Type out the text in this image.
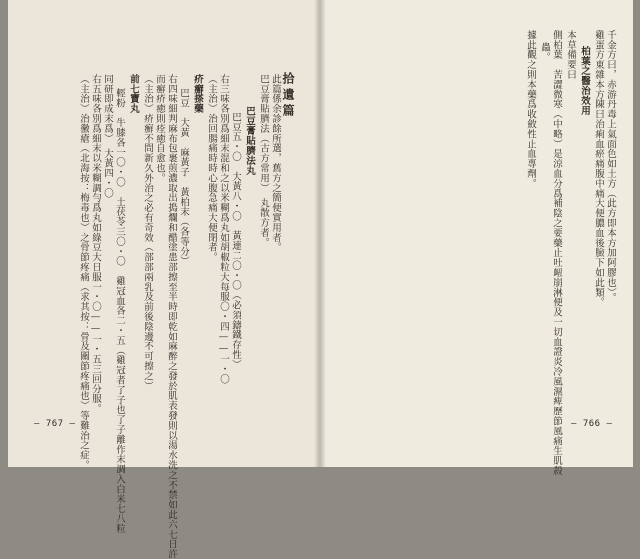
拾遺篇
此篇係余診餘所選，舊方之簡便實用者。
巴豆膏貼臍法（古方常用）　丸散方者。
巴豆膏貼臍法丸
巴豆五・〇　大黃八・〇　黃連二〇・〇（必須鑄鐵存性）
右三味各別爲細末混和之以米糊爲丸如胡椒粒大每服〇・四——一・〇
（主治）治回腸痛時時心腹急痛大便閉者。
疥癬搽藥
巴豆　大黃　麻黃子　黃柏末（各等分）
右四味細判麻布包裹煎濃取出搗爛和醋塗患部擦至半時即乾如麻醉之發於肌表發則以湯水洗之不禁如此六七日許
而癬疥癒則痊癒自愈也。
（主治）疥癬不問新久外治之必有奇效（部部兩乳及前後陰邊不可擦之）
前七寶丸
輕粉　牛膝各一〇・〇　土茯苓三〇・〇　雞冠血各二・五（雞冠者了子也了子離作末調入白米七八粒
同研即成末爲）　大黃四・〇
右五味各別爲細末以米糊調勻爲丸如綠豆大日服一・〇——一・五三回分服。
（主治）治黴瘡（北海按：梅毒也）之骨節疼痛（求其按：骨及關節疼痛也）等難治之症。
— 767 —
千金方曰，赤游丹毒上氣面色如土方（此方即本方加阿膠也）。
雞蛋方東雜本方陳曰治痢血瘀痛腹中痛大便膿血後臉下如此類。
柏葉之醫治效用
本草備要曰
側柏葉　苦澀微寒（中略）是涼血分爲補陰之要藥止吐衄崩淋便及一切血證炎冷風濕痺歷節風痛生肌殺
蟲。
據此觀之則本藥爲收斂性止血專劑。
— 766 —
